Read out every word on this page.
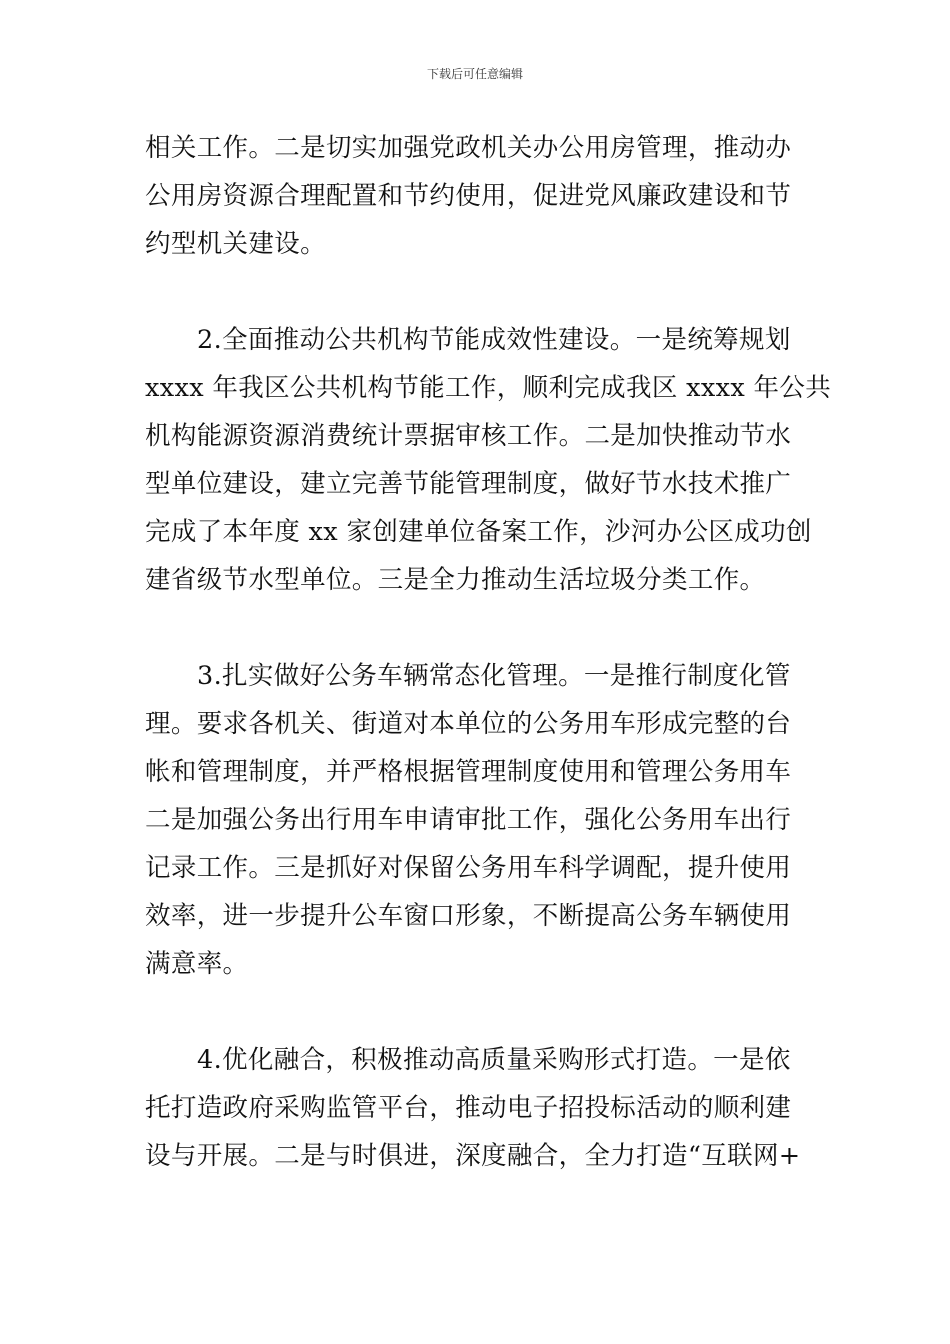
下载后可任意编辑
相关工作。二是切实加强党政机关办公用房管理，推动办
公用房资源合理配置和节约使用，促进党风廉政建设和节
约型机关建设。
2.全面推动公共机构节能成效性建设。一是统筹规划
xxxx 年我区公共机构节能工作，顺利完成我区 xxxx 年公共
机构能源资源消费统计票据审核工作。二是加快推动节水
型单位建设，建立完善节能管理制度，做好节水技术推广
完成了本年度 xx 家创建单位备案工作，沙河办公区成功创
建省级节水型单位。三是全力推动生活垃圾分类工作。
3.扎实做好公务车辆常态化管理。一是推行制度化管
理。要求各机关、街道对本单位的公务用车形成完整的台
帐和管理制度，并严格根据管理制度使用和管理公务用车
二是加强公务出行用车申请审批工作，强化公务用车出行
记录工作。三是抓好对保留公务用车科学调配，提升使用
效率，进一步提升公车窗口形象，不断提高公务车辆使用
满意率。
4.优化融合，积极推动高质量采购形式打造。一是依
托打造政府采购监管平台，推动电子招投标活动的顺利建
设与开展。二是与时俱进，深度融合，全力打造“互联网+
